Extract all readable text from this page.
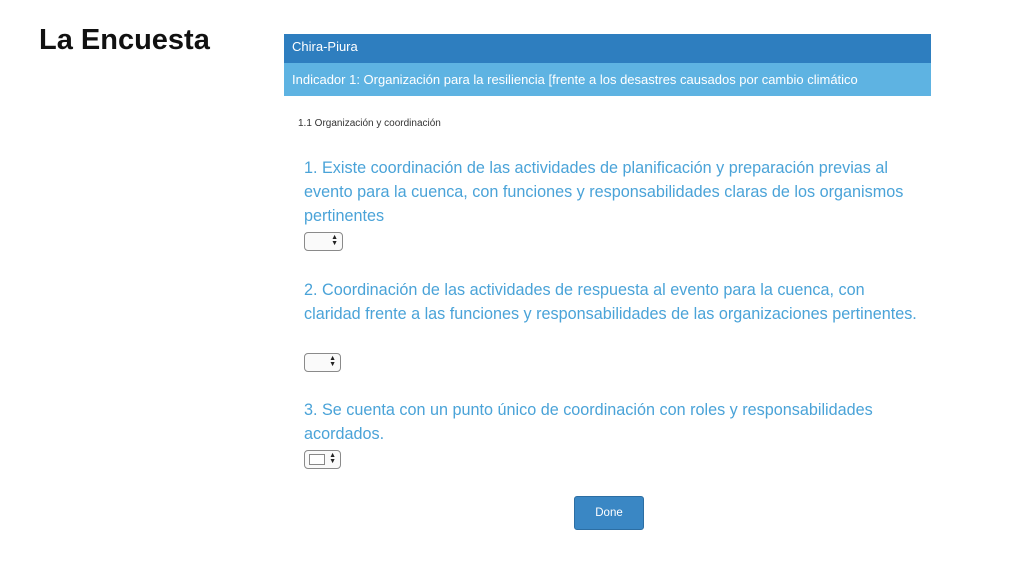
La Encuesta	Chira-Piura
Indicador 1: Organización para la resiliencia [frente a los desastres causados por cambio climático
1.1 Organización y coordinación
1. Existe coordinación de las actividades de planificación y preparación previas al evento para la cuenca, con funciones y responsabilidades claras de los organismos pertinentes
▲
▼
2. Coordinación de las actividades de respuesta al evento para la cuenca, con claridad frente a las funciones y responsabilidades de las organizaciones pertinentes.
▲
▼
3. Se cuenta con un punto único de coordinación con roles y responsabilidades acordados.
▲
▼
Done
